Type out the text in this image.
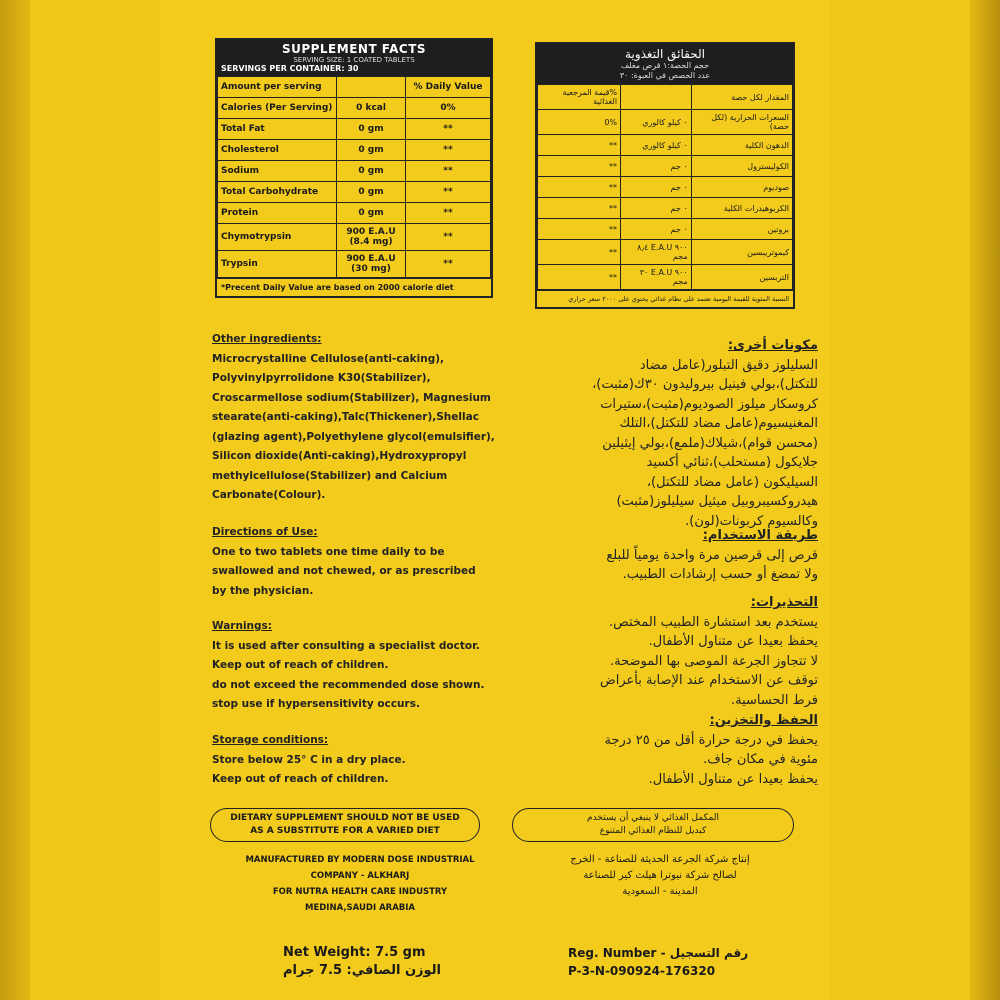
SUPPLEMENT FACTS
SERVING SIZE: 1 COATED TABLETS
SERVINGS PER CONTAINER: 30
Amount per serving		% Daily Value
Calories (Per Serving)	0 kcal	0%
Total Fat	0 gm	**
Cholesterol	0 gm	**
Sodium	0 gm	**
Total Carbohydrate	0 gm	**
Protein	0 gm	**
Chymotrypsin	900 E.A.U (8.4 mg)	**
Trypsin	900 E.A.U (30 mg)	**
*Precent Daily Value are based on 2000 calorie diet
الحقائق التغذوية
حجم الحصة:١ قرص مغلف
عدد الحصص في العبوة: ٣٠
المقدار لكل حصة		%قيمة المرجعية الغذائية
السعرات الحرارية (لكل حصة)	٠ كيلو كالوري	0%
الدهون الكلية	٠ كيلو كالوري	**
الكوليسترول	٠ جم	**
صوديوم	٠ جم	**
الكربوهيدرات الكلية	٠ جم	**
بروتين	٠ جم	**
كيموتريبسين	٩٠٠ E.A.U ٨٫٤ مجم	**
التربسين	٩٠٠ E.A.U ٣٠ مجم	**
النسبة المئوية للقيمة اليومية تعتمد على نظام غذائي يحتوي على ٢٠٠٠ سعر حراري
Other ingredients:
Microcrystalline Cellulose(anti-caking),
Polyvinylpyrrolidone K30(Stabilizer),
Croscarmellose sodium(Stabilizer), Magnesium
stearate(anti-caking),Talc(Thickener),Shellac
(glazing agent),Polyethylene glycol(emulsifier),
Silicon dioxide(Anti-caking),Hydroxypropyl
methylcellulose(Stabilizer) and Calcium
Carbonate(Colour).
Directions of Use:
One to two tablets one time daily to be
swallowed and not chewed, or as prescribed
by the physician.
Warnings:
It is used after consulting a specialist doctor.
Keep out of reach of children.
do not exceed the recommended dose shown.
stop use if hypersensitivity occurs.
Storage conditions:
Store below 25° C in a dry place.
Keep out of reach of children.
مكونات أخرى:
السليلوز دقيق التبلور(عامل مضاد
للتكتل)،بولي فينيل بيروليدون ٣٠ك(مثبت)،
كروسكار ميلوز الصوديوم(مثبت)،ستيرات
المغنيسيوم(عامل مضاد للتكتل)،التلك
(محسن قوام)،شيلاك(ملمع)،بولي إيثيلين
جلايكول (مستحلب)،ثنائي أكسيد
السيليكون (عامل مضاد للتكتل)،
هيدروكسيبروبيل ميثيل سيليلوز(مثبت)
وكالسيوم كربونات(لون).
طريقة الاستخدام:
قرص إلى قرصين مرة واحدة يومياً للبلع
ولا تمضغ أو حسب إرشادات الطبيب.
التحذيرات:
يستخدم بعد استشارة الطبيب المختص.
يحفظ بعيدا عن متناول الأطفال.
لا تتجاوز الجرعة الموصى بها الموضحة.
توقف عن الاستخدام عند الإصابة بأعراض
فرط الحساسية.
الحفظ والتخزين:
يحفظ في درجة حرارة أقل من ٢٥ درجة
مئوية في مكان جاف.
يحفظ بعيدا عن متناول الأطفال.
DIETARY SUPPLEMENT SHOULD NOT BE USED
AS A SUBSTITUTE FOR A VARIED DIET
المكمل الغذائي لا ينبغي أن يستخدم
كبديل للنظام الغذائي المتنوع
MANUFACTURED BY MODERN DOSE INDUSTRIAL
COMPANY - ALKHARJ
FOR NUTRA HEALTH CARE INDUSTRY
MEDINA,SAUDI ARABIA
إنتاج شركة الجرعة الحديثة للصناعة - الخرج
لصالح شركة نيوترا هيلث كير للصناعة
المدينة - السعودية
Net Weight: 7.5 gm
الوزن الصافي: 7.5 جرام
Reg. Number - رقم التسجيل
P-3-N-090924-176320
